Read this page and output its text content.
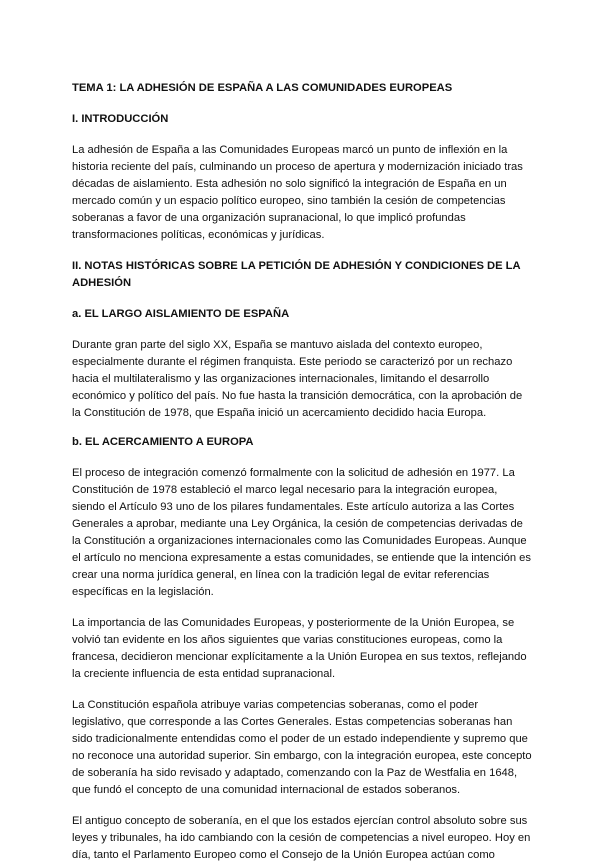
TEMA 1: LA ADHESIÓN DE ESPAÑA A LAS COMUNIDADES EUROPEAS

I. INTRODUCCIÓN

La adhesión de España a las Comunidades Europeas marcó un punto de inflexión en la historia reciente del país, culminando un proceso de apertura y modernización iniciado tras décadas de aislamiento. Esta adhesión no solo significó la integración de España en un mercado común y un espacio político europeo, sino también la cesión de competencias soberanas a favor de una organización supranacional, lo que implicó profundas transformaciones políticas, económicas y jurídicas.

II. NOTAS HISTÓRICAS SOBRE LA PETICIÓN DE ADHESIÓN Y CONDICIONES DE LA ADHESIÓN

a. EL LARGO AISLAMIENTO DE ESPAÑA

Durante gran parte del siglo XX, España se mantuvo aislada del contexto europeo, especialmente durante el régimen franquista. Este periodo se caracterizó por un rechazo hacia el multilateralismo y las organizaciones internacionales, limitando el desarrollo económico y político del país. No fue hasta la transición democrática, con la aprobación de la Constitución de 1978, que España inició un acercamiento decidido hacia Europa.

b. EL ACERCAMIENTO A EUROPA

El proceso de integración comenzó formalmente con la solicitud de adhesión en 1977. La Constitución de 1978 estableció el marco legal necesario para la integración europea, siendo el Artículo 93 uno de los pilares fundamentales. Este artículo autoriza a las Cortes Generales a aprobar, mediante una Ley Orgánica, la cesión de competencias derivadas de la Constitución a organizaciones internacionales como las Comunidades Europeas. Aunque el artículo no menciona expresamente a estas comunidades, se entiende que la intención es crear una norma jurídica general, en línea con la tradición legal de evitar referencias específicas en la legislación.

La importancia de las Comunidades Europeas, y posteriormente de la Unión Europea, se volvió tan evidente en los años siguientes que varias constituciones europeas, como la francesa, decidieron mencionar explícitamente a la Unión Europea en sus textos, reflejando la creciente influencia de esta entidad supranacional.

La Constitución española atribuye varias competencias soberanas, como el poder legislativo, que corresponde a las Cortes Generales. Estas competencias soberanas han sido tradicionalmente entendidas como el poder de un estado independiente y supremo que no reconoce una autoridad superior. Sin embargo, con la integración europea, este concepto de soberanía ha sido revisado y adaptado, comenzando con la Paz de Westfalia en 1648, que fundó el concepto de una comunidad internacional de estados soberanos.

El antiguo concepto de soberanía, en el que los estados ejercían control absoluto sobre sus leyes y tribunales, ha ido cambiando con la cesión de competencias a nivel europeo. Hoy en día, tanto el Parlamento Europeo como el Consejo de la Unión Europea actúan como
